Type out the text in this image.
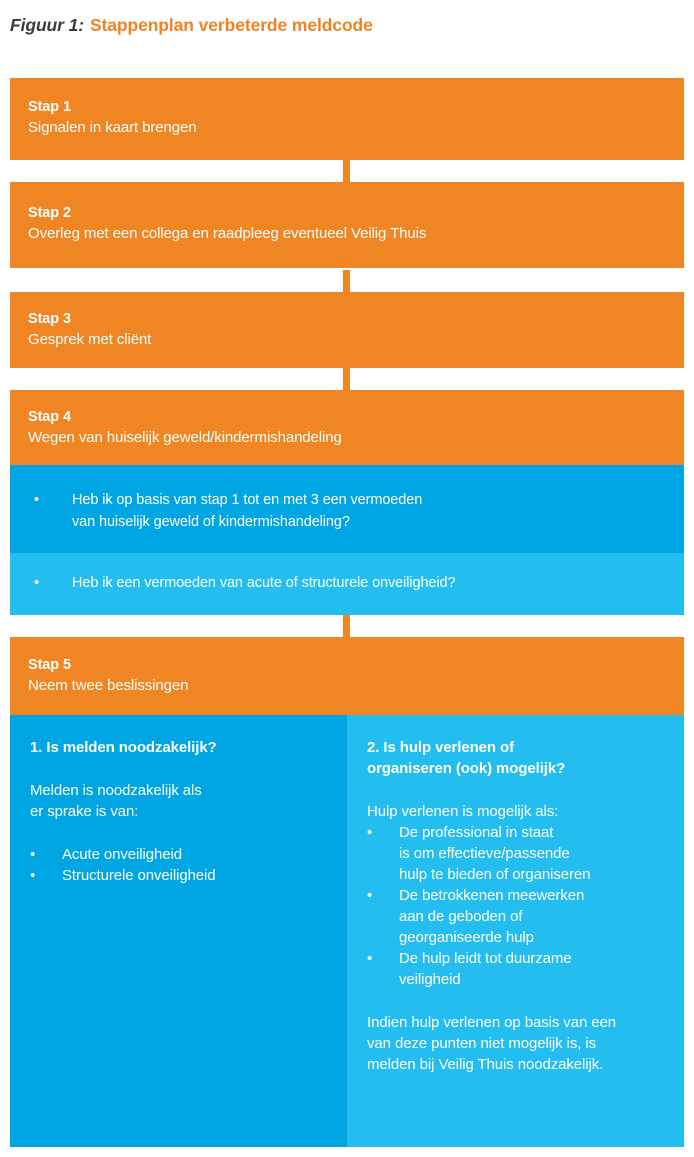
Figuur 1: Stappenplan verbeterde meldcode
Stap 1
Signalen in kaart brengen
Stap 2
Overleg met een collega en raadpleeg eventueel Veilig Thuis
Stap 3
Gesprek met cliënt
Stap 4
Wegen van huiselijk geweld/kindermishandeling
•	Heb ik op basis van stap 1 tot en met 3 een vermoeden
van huiselijk geweld of kindermishandeling?
•	Heb ik een vermoeden van acute of structurele onveiligheid?
Stap 5
Neem twee beslissingen
1. Is melden noodzakelijk?
Melden is noodzakelijk als
er sprake is van:
•	Acute onveiligheid
•	Structurele onveiligheid
2. Is hulp verlenen of
organiseren (ook) mogelijk?
Hulp verlenen is mogelijk als:
•	De professional in staat
is om effectieve/passende
hulp te bieden of organiseren
•	De betrokkenen meewerken
aan de geboden of
georganiseerde hulp
•	De hulp leidt tot duurzame
veiligheid
Indien hulp verlenen op basis van een
van deze punten niet mogelijk is, is
melden bij Veilig Thuis noodzakelijk.
